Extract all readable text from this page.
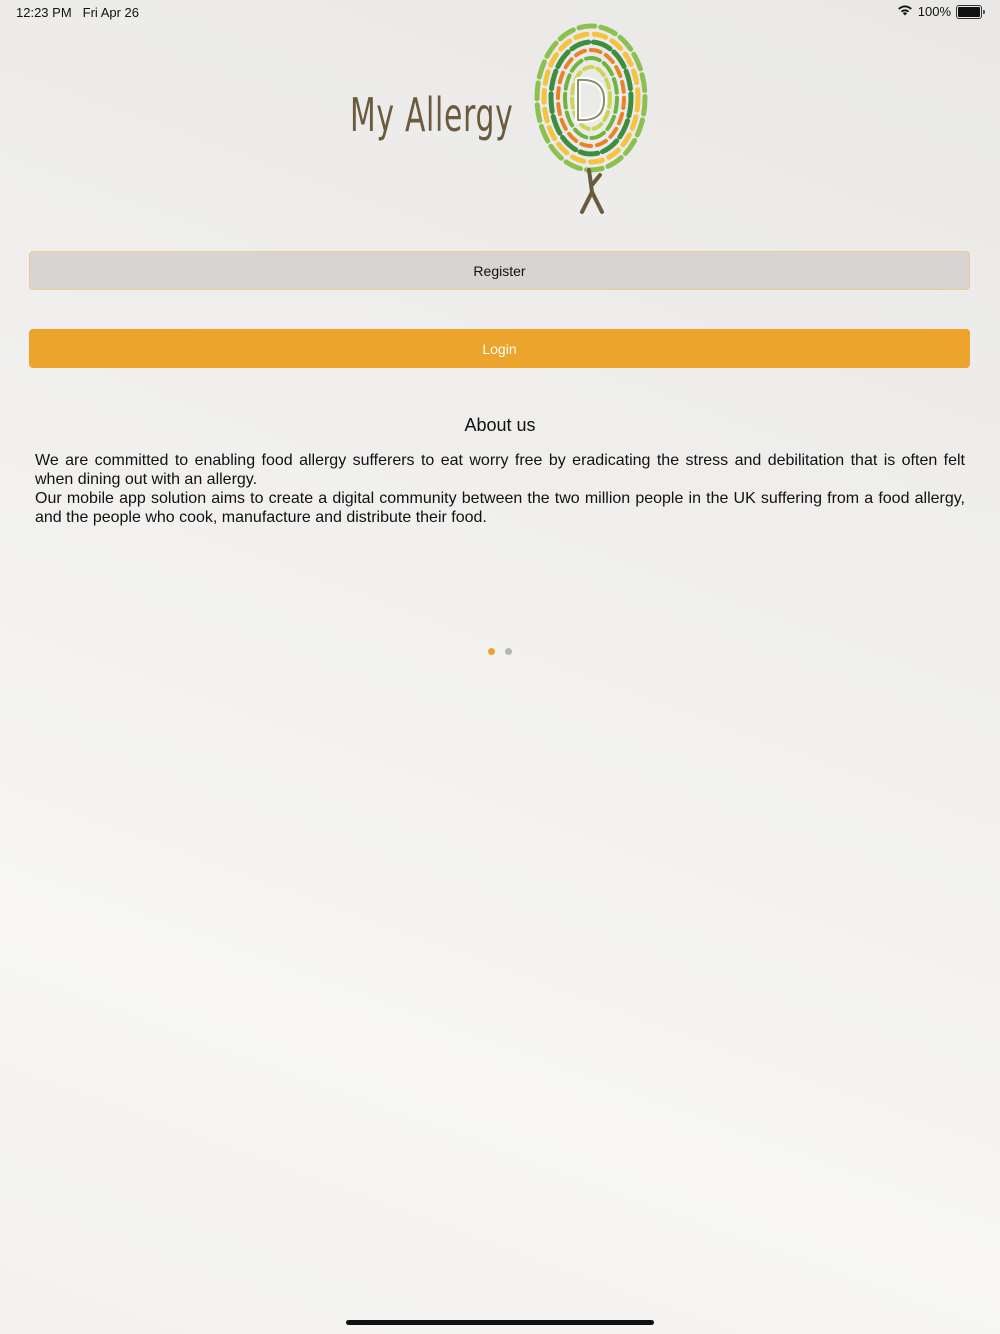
12:23 PM Fri Apr 26	100%
My Allergy
Register
Login
About us

We are committed to enabling food allergy sufferers to eat worry free by eradicating the stress and debilitation that is often felt when dining out with an allergy.

Our mobile app solution aims to create a digital community between the two million people in the UK suffering from a food allergy, and the people who cook, manufacture and distribute their food.
